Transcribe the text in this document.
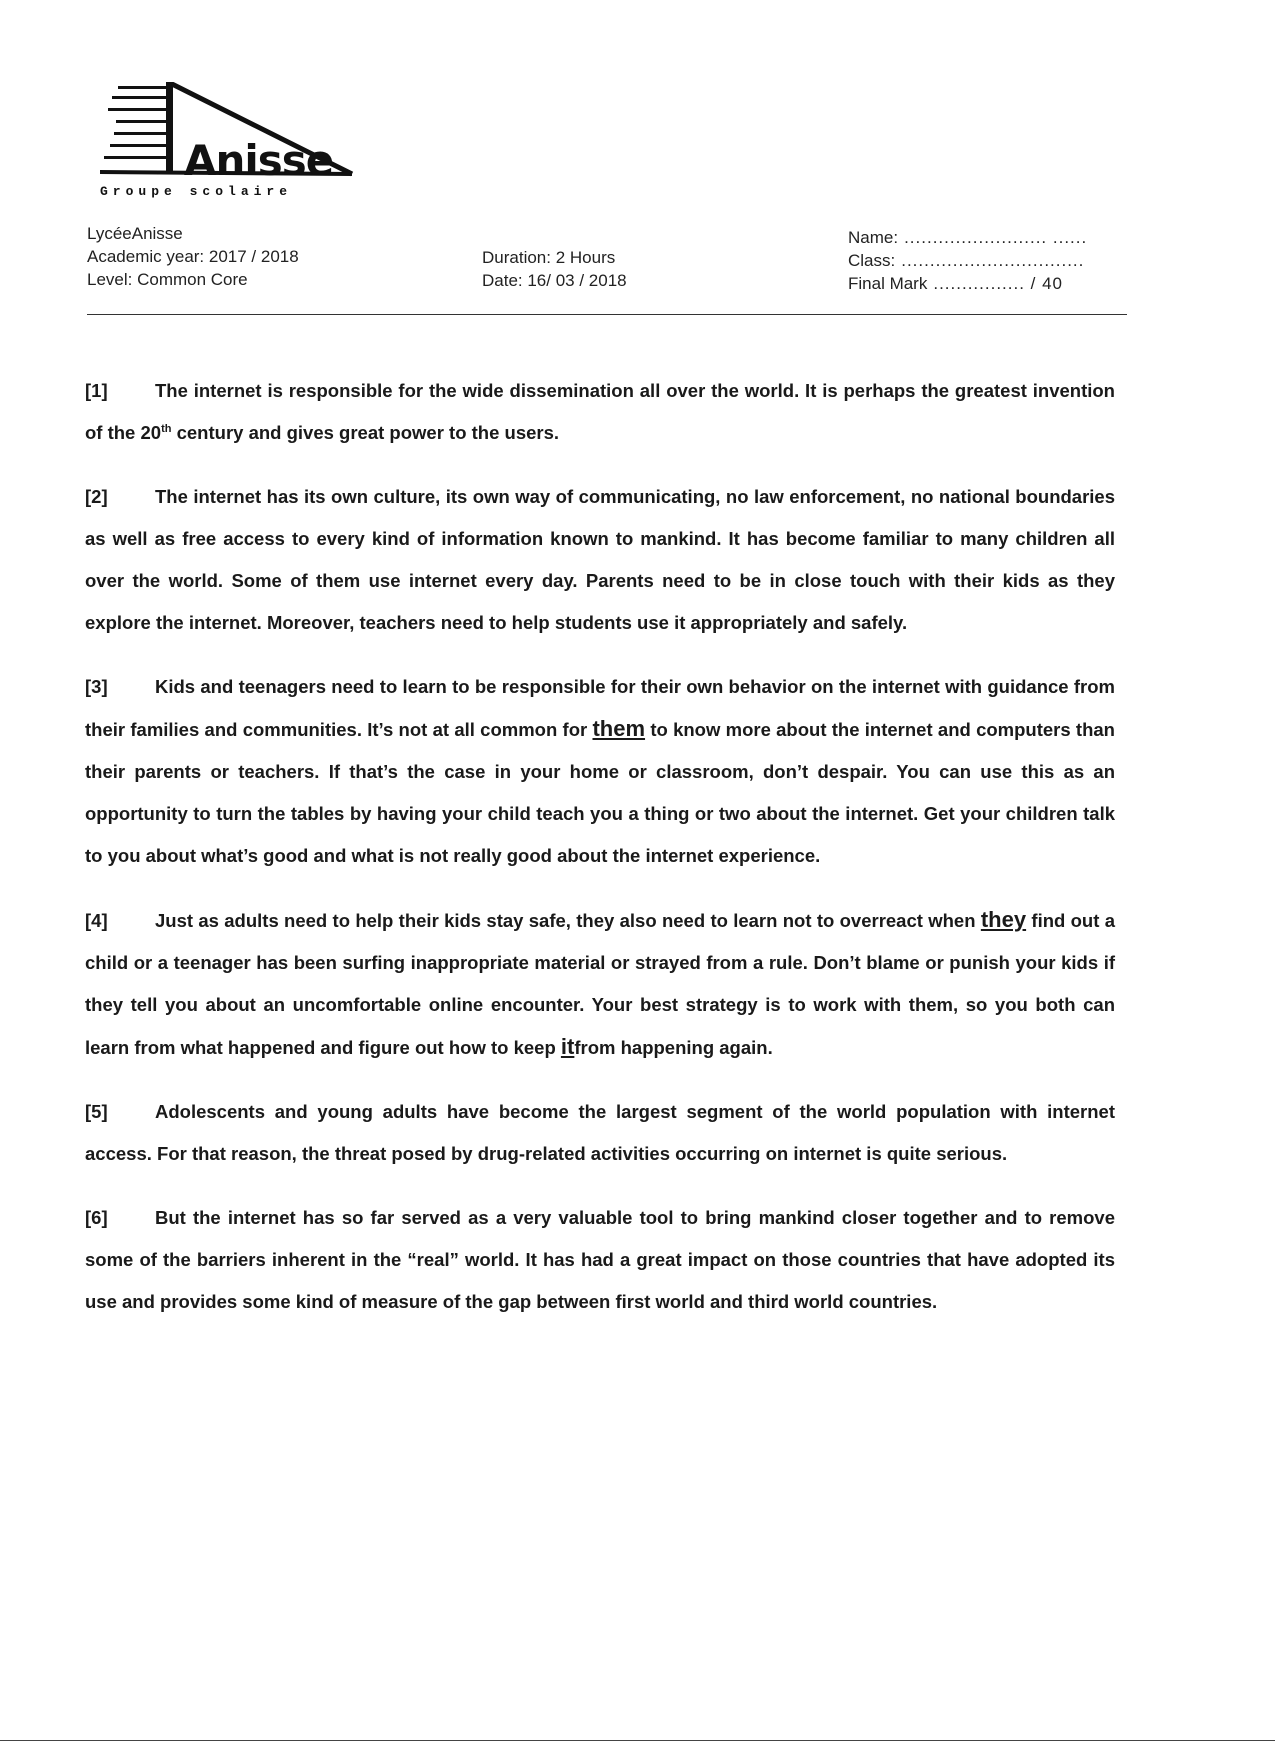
Anisse
Groupe scolaire
LycéeAnisse
Academic year: 2017 / 2018
Level: Common Core
Duration: 2 Hours
Date: 16/ 03 / 2018
Name: ......................... ......
Class: ................................
Final Mark ................ / 40

[1]	The internet is responsible for the wide dissemination all over the world. It is perhaps the greatest invention of the 20th century and gives great power to the users.

[2]	The internet has its own culture, its own way of communicating, no law enforcement, no national boundaries as well as free access to every kind of information known to mankind. It has become familiar to many children all over the world. Some of them use internet every day. Parents need to be in close touch with their kids as they explore the internet. Moreover, teachers need to help students use it appropriately and safely.

[3]	Kids and teenagers need to learn to be responsible for their own behavior on the internet with guidance from their families and communities. It’s not at all common for them to know more about the internet and computers than their parents or teachers. If that’s the case in your home or classroom, don’t despair. You can use this as an opportunity to turn the tables by having your child teach you a thing or two about the internet. Get your children talk to you about what’s good and what is not really good about the internet experience.

[4]	Just as adults need to help their kids stay safe, they also need to learn not to overreact when they find out a child or a teenager has been surfing inappropriate material or strayed from a rule. Don’t blame or punish your kids if they tell you about an uncomfortable online encounter. Your best strategy is to work with them, so you both can learn from what happened and figure out how to keep itfrom happening again.

[5]	Adolescents and young adults have become the largest segment of the world population with internet access. For that reason, the threat posed by drug-related activities occurring on internet is quite serious.

[6]	But the internet has so far served as a very valuable tool to bring mankind closer together and to remove some of the barriers inherent in the “real” world. It has had a great impact on those countries that have adopted its use and provides some kind of measure of the gap between first world and third world countries.
